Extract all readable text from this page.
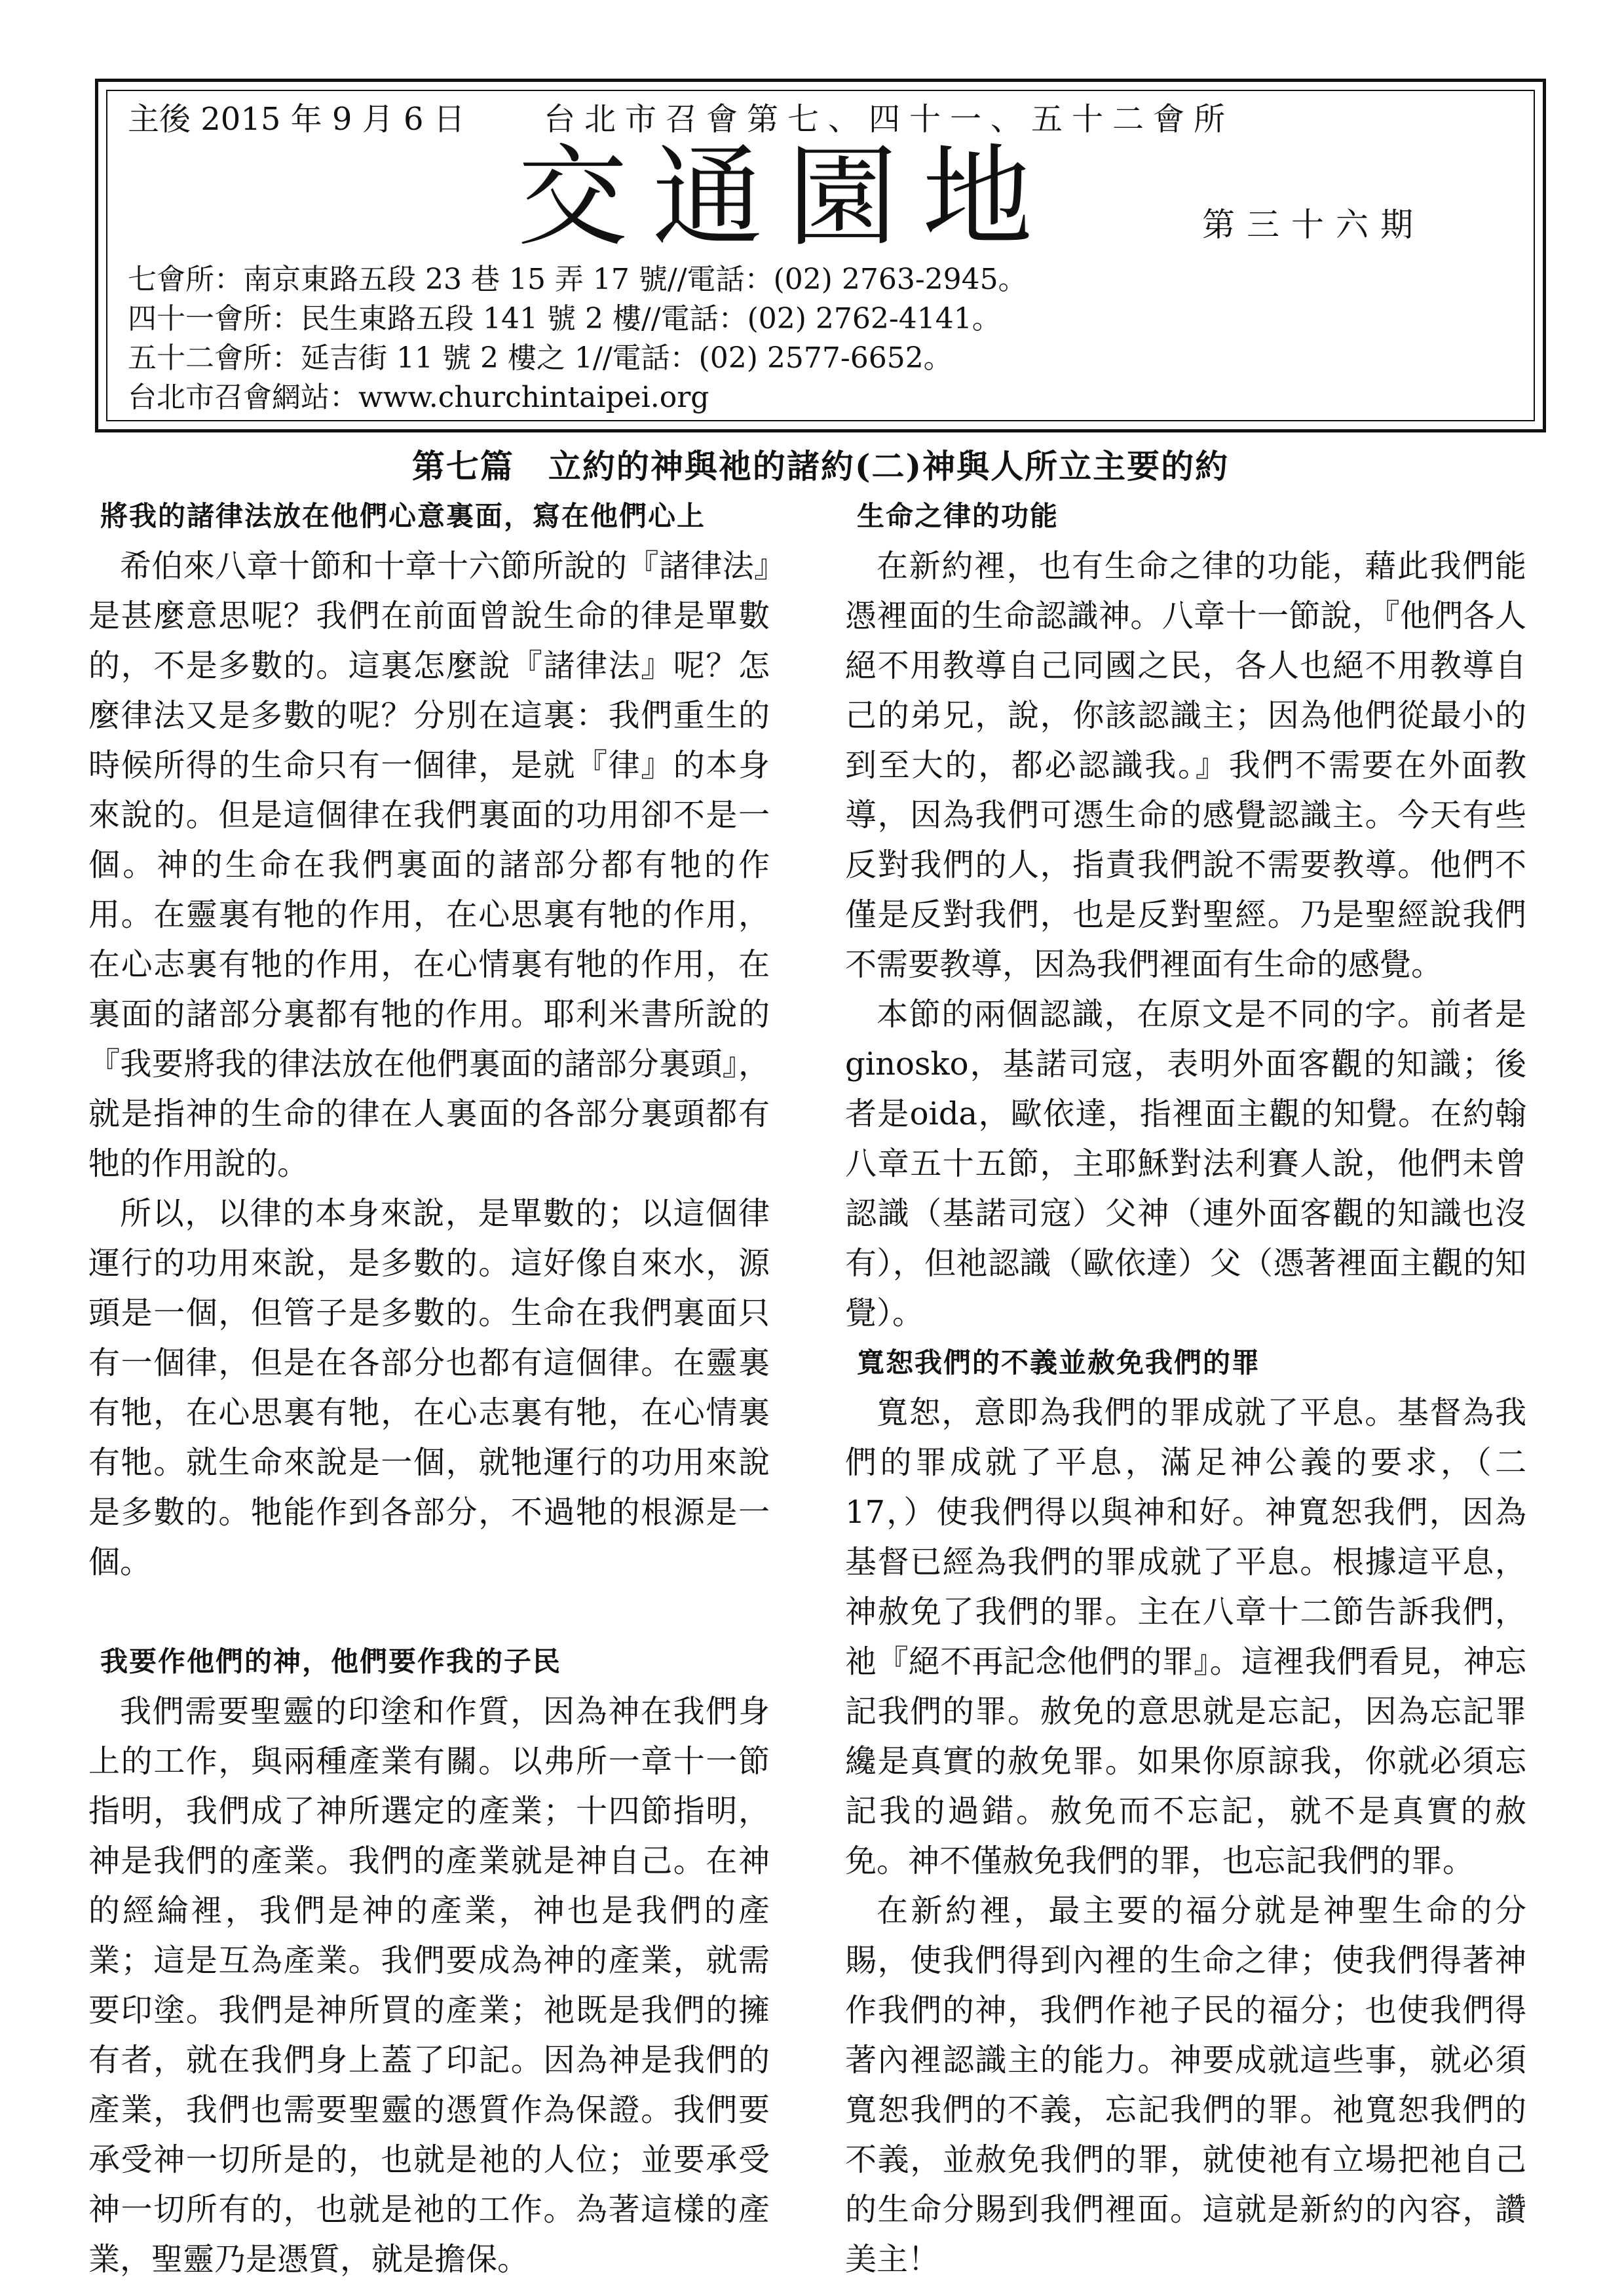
主後 2015 年 9 月 6 日	台北市召會第七、四十一、五十二會所
交通園地	第三十六期
七會所：南京東路五段 23 巷 15 弄 17 號//電話：(02) 2763-2945。
四十一會所：民生東路五段 141 號 2 樓//電話：(02) 2762-4141。
五十二會所：延吉街 11 號 2 樓之 1//電話：(02) 2577-6652。
台北市召會網站：www.churchintaipei.org
第七篇　立約的神與祂的諸約(二)神與人所立主要的約
將我的諸律法放在他們心意裏面，寫在他們心上

希伯來八章十節和十章十六節所說的『諸律法』是甚麼意思呢？我們在前面曾說生命的律是單數的，不是多數的。這裏怎麼說『諸律法』呢？怎麼律法又是多數的呢？分別在這裏：我們重生的時候所得的生命只有一個律，是就『律』的本身來說的。但是這個律在我們裏面的功用卻不是一個。神的生命在我們裏面的諸部分都有牠的作用。在靈裏有牠的作用，在心思裏有牠的作用，在心志裏有牠的作用，在心情裏有牠的作用，在裏面的諸部分裏都有牠的作用。耶利米書所說的『我要將我的律法放在他們裏面的諸部分裏頭』，就是指神的生命的律在人裏面的各部分裏頭都有牠的作用說的。

所以，以律的本身來說，是單數的；以這個律運行的功用來說，是多數的。這好像自來水，源頭是一個，但管子是多數的。生命在我們裏面只有一個律，但是在各部分也都有這個律。在靈裏有牠，在心思裏有牠，在心志裏有牠，在心情裏有牠。就生命來說是一個，就牠運行的功用來說是多數的。牠能作到各部分，不過牠的根源是一個。

我要作他們的神，他們要作我的子民

我們需要聖靈的印塗和作質，因為神在我們身上的工作，與兩種產業有關。以弗所一章十一節指明，我們成了神所選定的產業；十四節指明，神是我們的產業。我們的產業就是神自己。在神的經綸裡，我們是神的產業，神也是我們的產業；這是互為產業。我們要成為神的產業，就需要印塗。我們是神所買的產業；祂既是我們的擁有者，就在我們身上蓋了印記。因為神是我們的產業，我們也需要聖靈的憑質作為保證。我們要承受神一切所是的，也就是祂的人位；並要承受神一切所有的，也就是祂的工作。為著這樣的產業，聖靈乃是憑質，就是擔保。

生命之律的功能

在新約裡，也有生命之律的功能，藉此我們能憑裡面的生命認識神。八章十一節說，『他們各人絕不用教導自己同國之民，各人也絕不用教導自己的弟兄，說，你該認識主；因為他們從最小的到至大的，都必認識我。』我們不需要在外面教導，因為我們可憑生命的感覺認識主。今天有些反對我們的人，指責我們說不需要教導。他們不僅是反對我們，也是反對聖經。乃是聖經說我們不需要教導，因為我們裡面有生命的感覺。

本節的兩個認識，在原文是不同的字。前者是ginosko，基諾司寇，表明外面客觀的知識；後者是oida，歐依達，指裡面主觀的知覺。在約翰八章五十五節，主耶穌對法利賽人說，他們未曾認識（基諾司寇）父神（連外面客觀的知識也沒有），但祂認識（歐依達）父（憑著裡面主觀的知覺）。

寬恕我們的不義並赦免我們的罪

寬恕，意即為我們的罪成就了平息。基督為我們的罪成就了平息，滿足神公義的要求，（二 17，）使我們得以與神和好。神寬恕我們，因為基督已經為我們的罪成就了平息。根據這平息，神赦免了我們的罪。主在八章十二節告訴我們，祂『絕不再記念他們的罪』。這裡我們看見，神忘記我們的罪。赦免的意思就是忘記，因為忘記罪纔是真實的赦免罪。如果你原諒我，你就必須忘記我的過錯。赦免而不忘記，就不是真實的赦免。神不僅赦免我們的罪，也忘記我們的罪。

在新約裡，最主要的福分就是神聖生命的分賜，使我們得到內裡的生命之律；使我們得著神作我們的神，我們作祂子民的福分；也使我們得著內裡認識主的能力。神要成就這些事，就必須寬恕我們的不義，忘記我們的罪。祂寬恕我們的不義，並赦免我們的罪，就使祂有立場把祂自己的生命分賜到我們裡面。這就是新約的內容，讚美主！
